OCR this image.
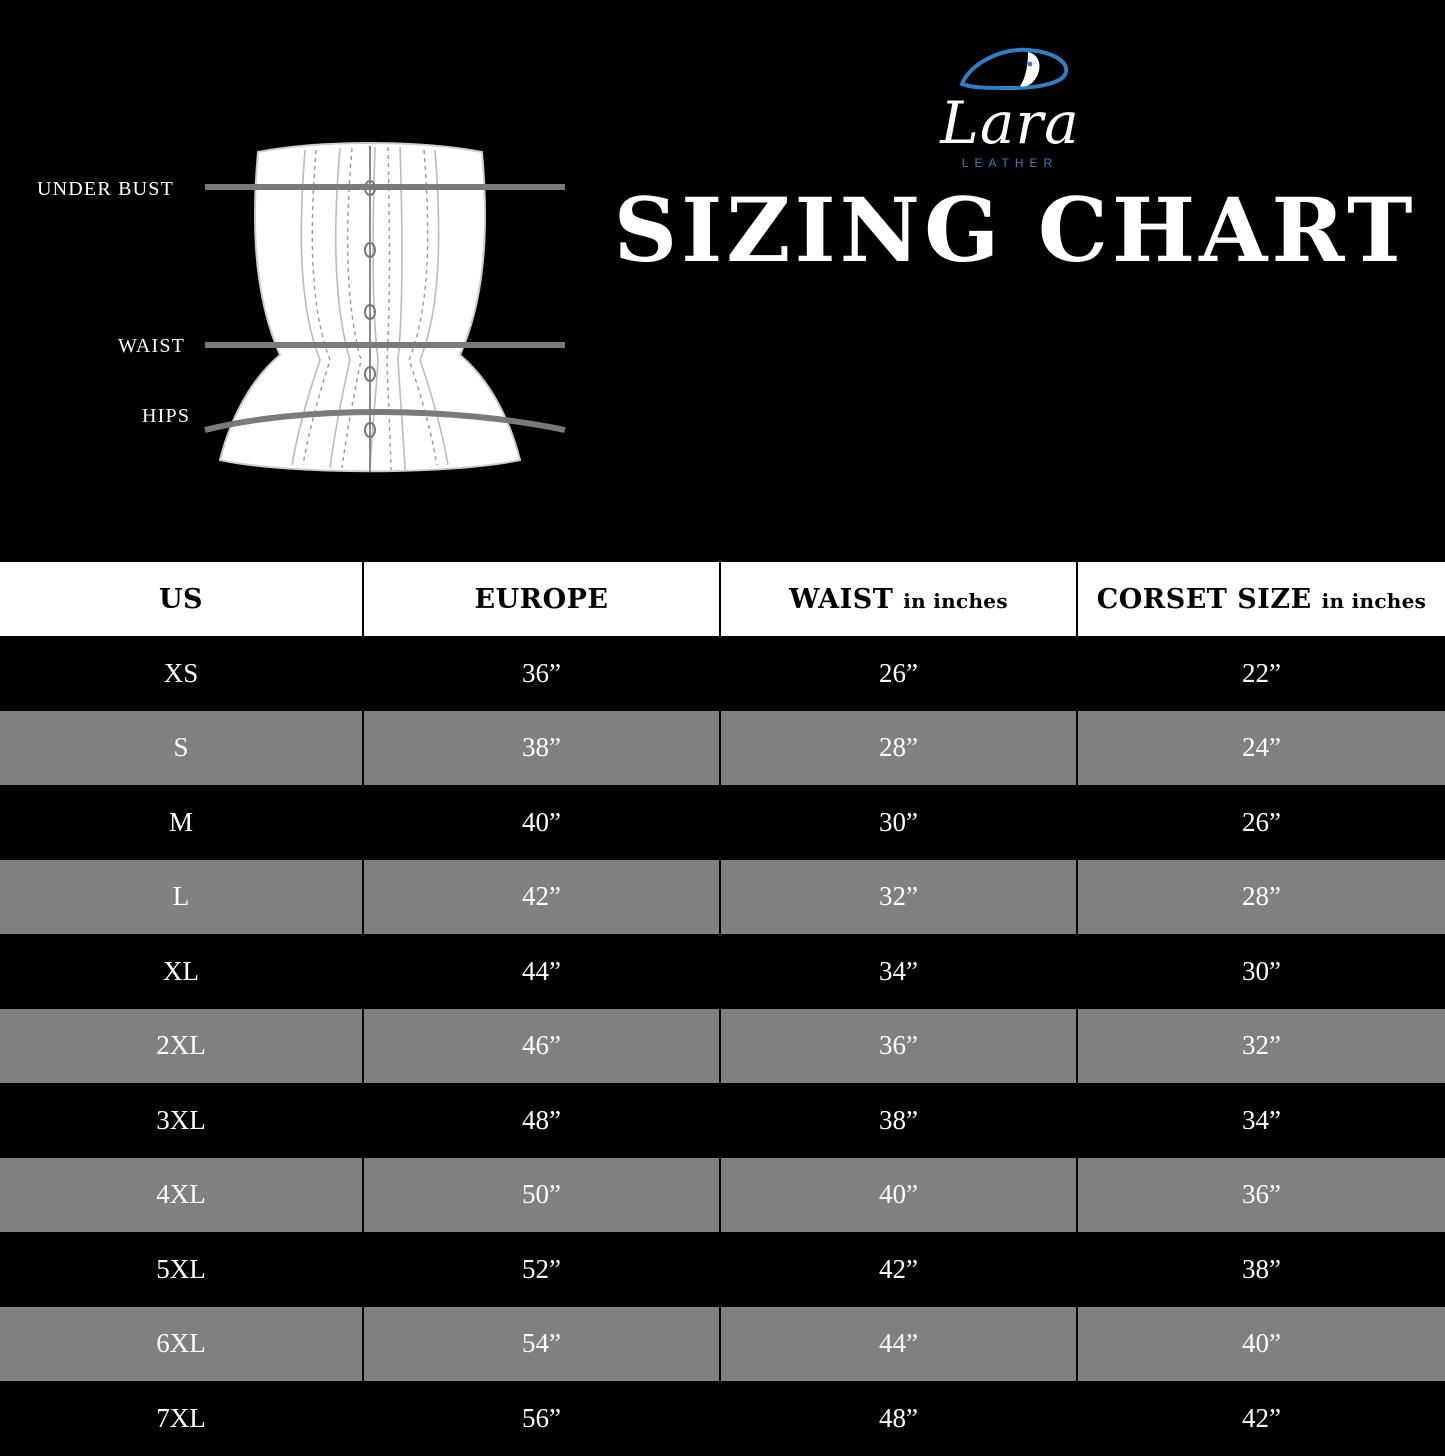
UNDER BUST
WAIST
HIPS
Lara
LEATHER
SIZING CHART
US	EUROPE	WAIST in inches	CORSET SIZE in inches
XS	36”	26”	22”
S	38”	28”	24”
M	40”	30”	26”
L	42”	32”	28”
XL	44”	34”	30”
2XL	46”	36”	32”
3XL	48”	38”	34”
4XL	50”	40”	36”
5XL	52”	42”	38”
6XL	54”	44”	40”
7XL	56”	48”	42”
